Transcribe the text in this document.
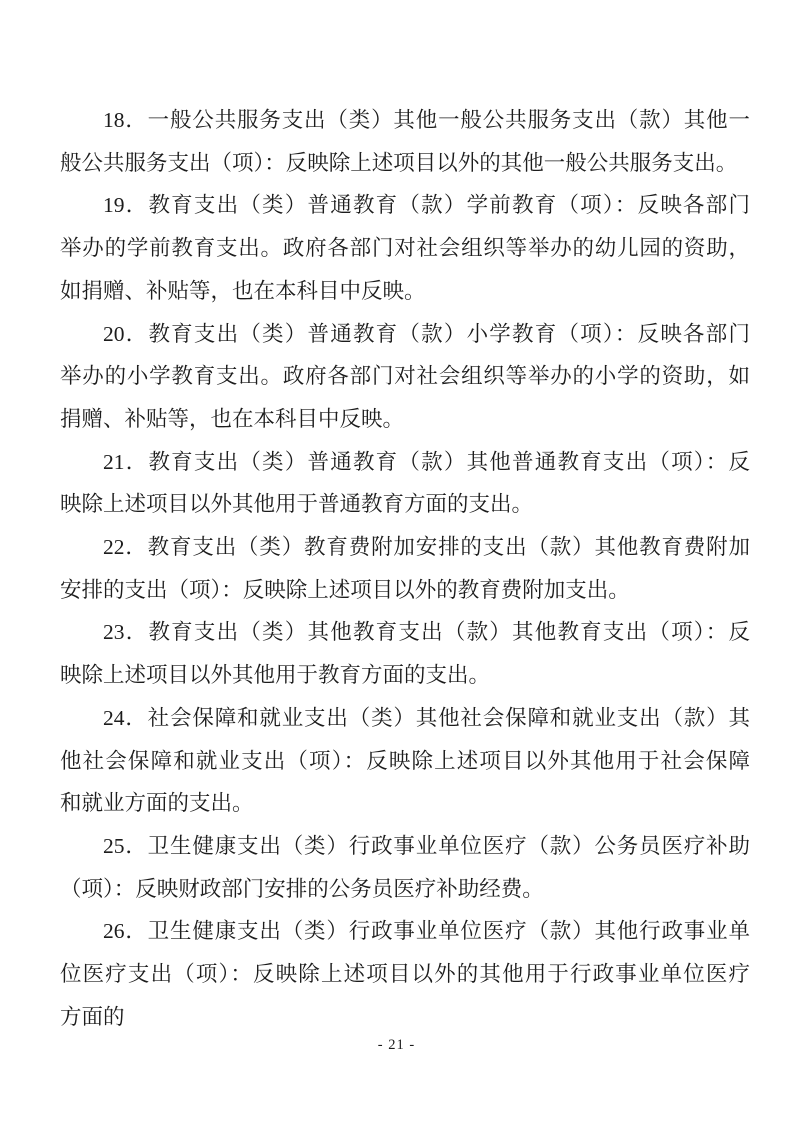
18．一般公共服务支出（类）其他一般公共服务支出（款）其他一
般公共服务支出（项）：反映除上述项目以外的其他一般公共服务支出。
19．教育支出（类）普通教育（款）学前教育（项）：反映各部门
举办的学前教育支出。政府各部门对社会组织等举办的幼儿园的资助，
如捐赠、补贴等，也在本科目中反映。
20．教育支出（类）普通教育（款）小学教育（项）：反映各部门
举办的小学教育支出。政府各部门对社会组织等举办的小学的资助，如
捐赠、补贴等，也在本科目中反映。
21．教育支出（类）普通教育（款）其他普通教育支出（项）：反
映除上述项目以外其他用于普通教育方面的支出。
22．教育支出（类）教育费附加安排的支出（款）其他教育费附加
安排的支出（项）：反映除上述项目以外的教育费附加支出。
23．教育支出（类）其他教育支出（款）其他教育支出（项）：反
映除上述项目以外其他用于教育方面的支出。
24．社会保障和就业支出（类）其他社会保障和就业支出（款）其
他社会保障和就业支出（项）：反映除上述项目以外其他用于社会保障
和就业方面的支出。
25．卫生健康支出（类）行政事业单位医疗（款）公务员医疗补助
（项）：反映财政部门安排的公务员医疗补助经费。
26．卫生健康支出（类）行政事业单位医疗（款）其他行政事业单
位医疗支出（项）：反映除上述项目以外的其他用于行政事业单位医疗
方面的
- 21 -
